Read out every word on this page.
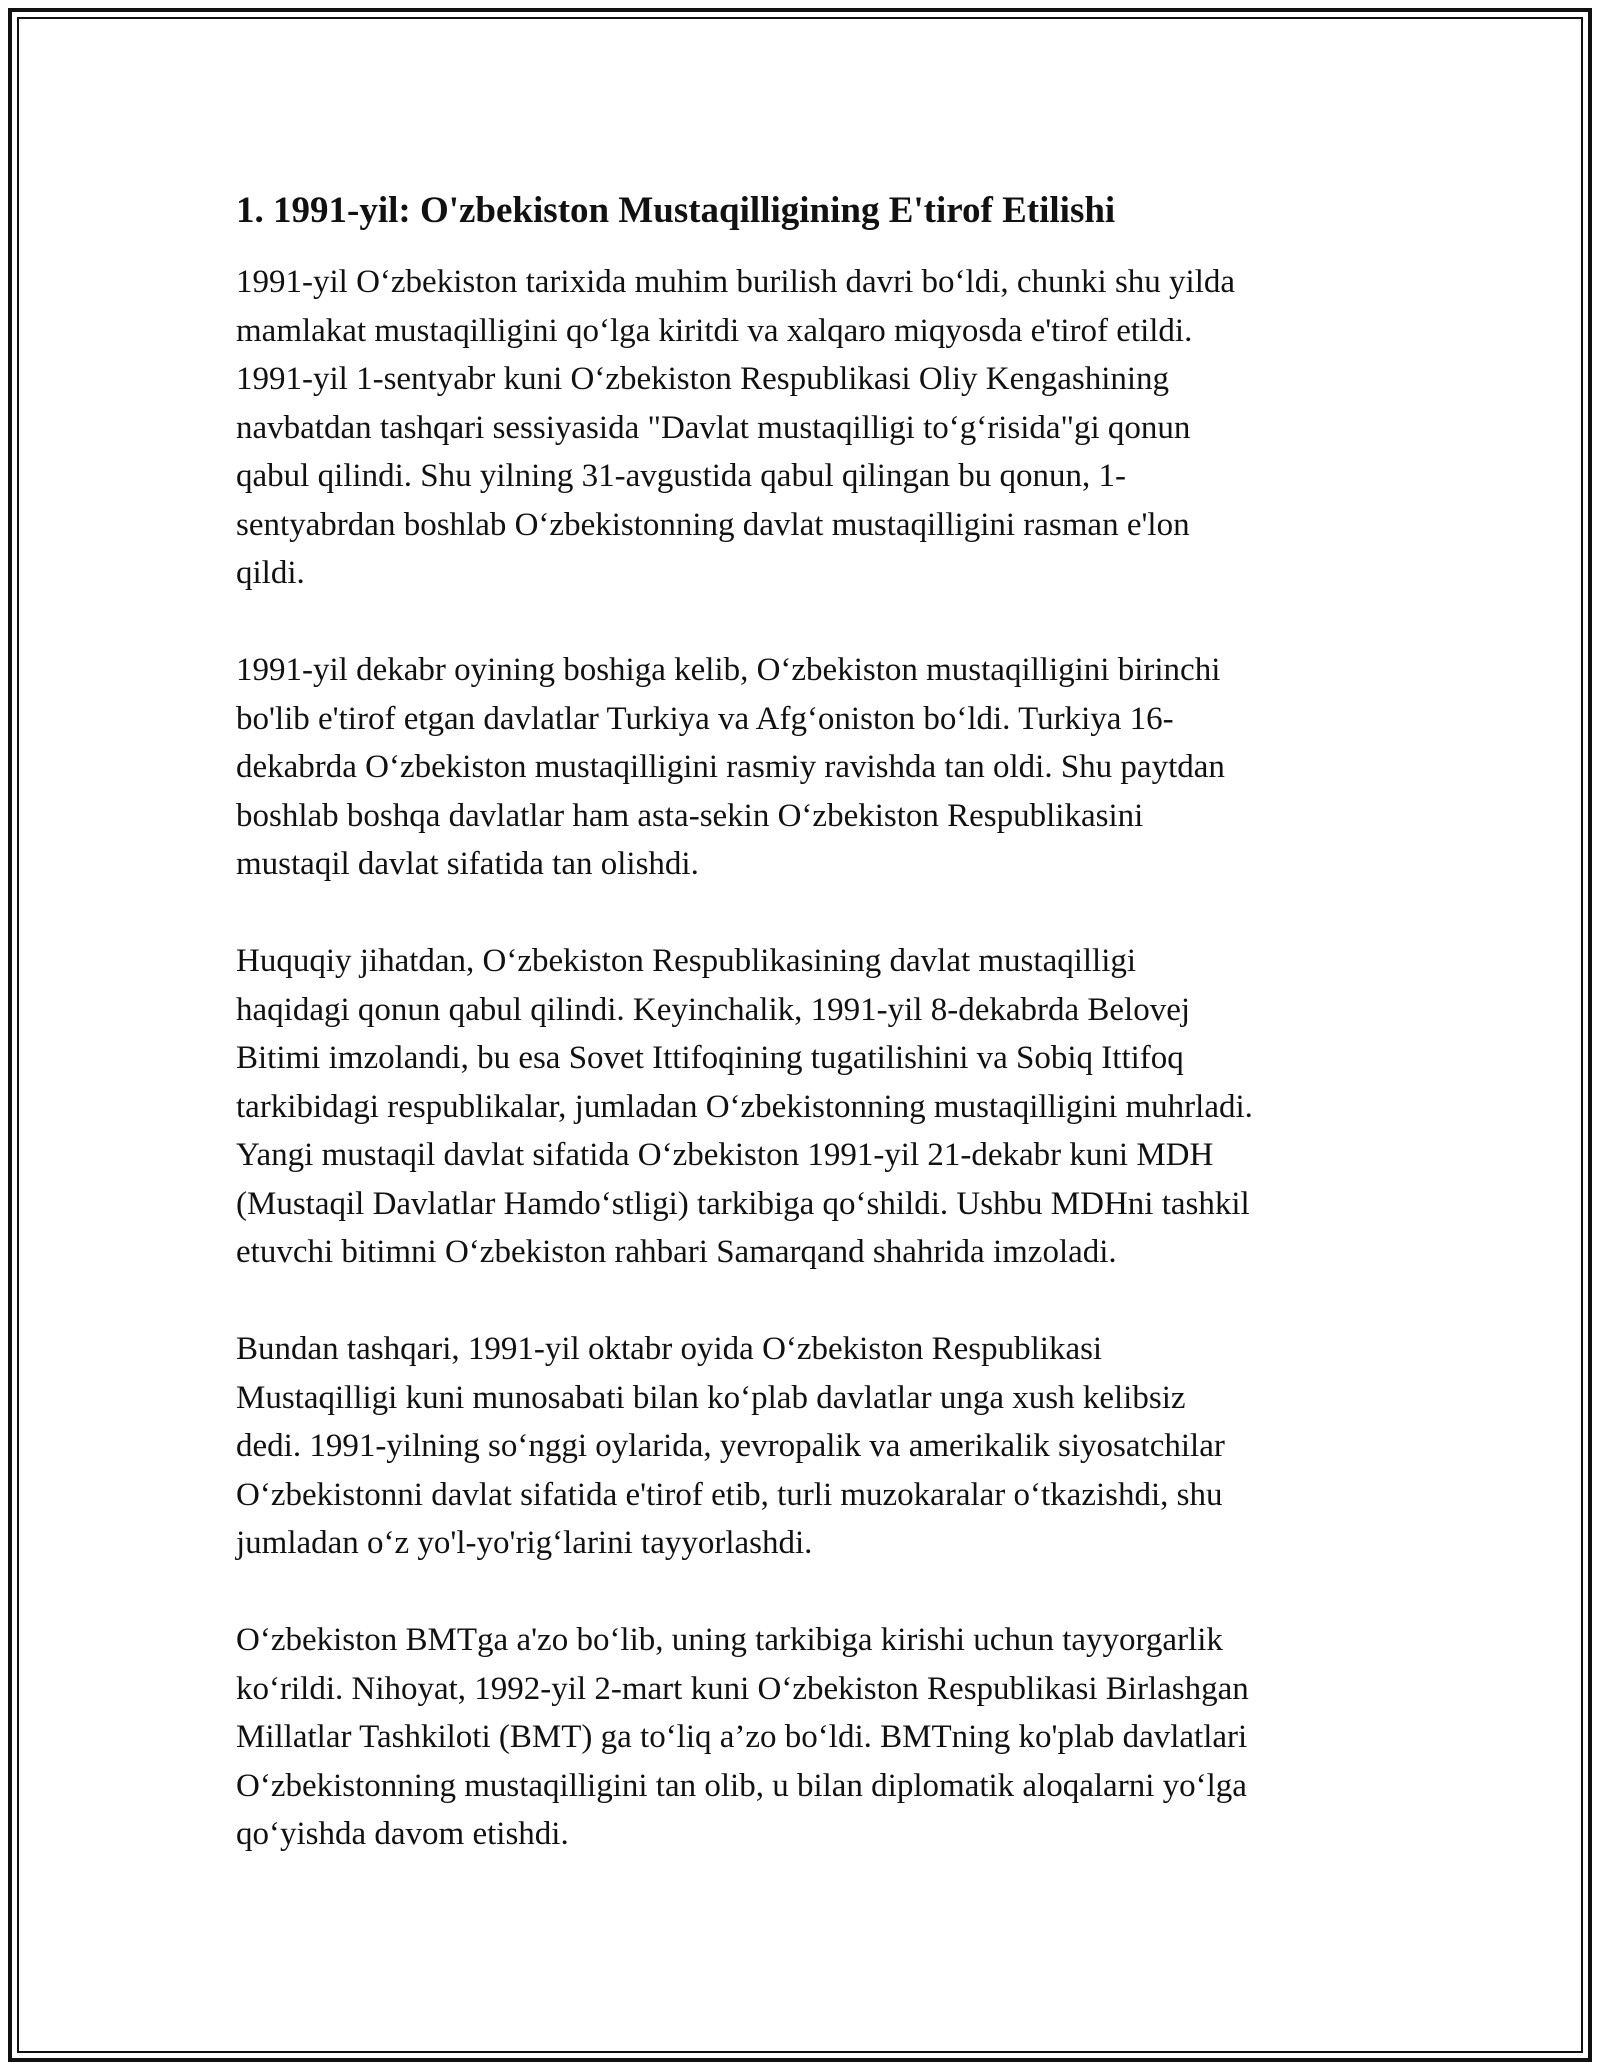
1. 1991-yil: O'zbekiston Mustaqilligining E'tirof Etilishi

1991-yil O‘zbekiston tarixida muhim burilish davri bo‘ldi, chunki shu yilda
mamlakat mustaqilligini qo‘lga kiritdi va xalqaro miqyosda e'tirof etildi.
1991-yil 1-sentyabr kuni O‘zbekiston Respublikasi Oliy Kengashining
navbatdan tashqari sessiyasida "Davlat mustaqilligi to‘g‘risida"gi qonun
qabul qilindi. Shu yilning 31-avgustida qabul qilingan bu qonun, 1-
sentyabrdan boshlab O‘zbekistonning davlat mustaqilligini rasman e'lon
qildi.

1991-yil dekabr oyining boshiga kelib, O‘zbekiston mustaqilligini birinchi
bo'lib e'tirof etgan davlatlar Turkiya va Afg‘oniston bo‘ldi. Turkiya 16-
dekabrda O‘zbekiston mustaqilligini rasmiy ravishda tan oldi. Shu paytdan
boshlab boshqa davlatlar ham asta-sekin O‘zbekiston Respublikasini
mustaqil davlat sifatida tan olishdi.

Huquqiy jihatdan, O‘zbekiston Respublikasining davlat mustaqilligi
haqidagi qonun qabul qilindi. Keyinchalik, 1991-yil 8-dekabrda Belovej
Bitimi imzolandi, bu esa Sovet Ittifoqining tugatilishini va Sobiq Ittifoq
tarkibidagi respublikalar, jumladan O‘zbekistonning mustaqilligini muhrladi.
Yangi mustaqil davlat sifatida O‘zbekiston 1991-yil 21-dekabr kuni MDH
(Mustaqil Davlatlar Hamdo‘stligi) tarkibiga qo‘shildi. Ushbu MDHni tashkil
etuvchi bitimni O‘zbekiston rahbari Samarqand shahrida imzoladi.

Bundan tashqari, 1991-yil oktabr oyida O‘zbekiston Respublikasi
Mustaqilligi kuni munosabati bilan ko‘plab davlatlar unga xush kelibsiz
dedi. 1991-yilning so‘nggi oylarida, yevropalik va amerikalik siyosatchilar
O‘zbekistonni davlat sifatida e'tirof etib, turli muzokaralar o‘tkazishdi, shu
jumladan o‘z yo'l-yo'rig‘larini tayyorlashdi.

O‘zbekiston BMTga a'zo bo‘lib, uning tarkibiga kirishi uchun tayyorgarlik
ko‘rildi. Nihoyat, 1992-yil 2-mart kuni O‘zbekiston Respublikasi Birlashgan
Millatlar Tashkiloti (BMT) ga to‘liq a’zo bo‘ldi. BMTning ko'plab davlatlari
O‘zbekistonning mustaqilligini tan olib, u bilan diplomatik aloqalarni yo‘lga
qo‘yishda davom etishdi.
